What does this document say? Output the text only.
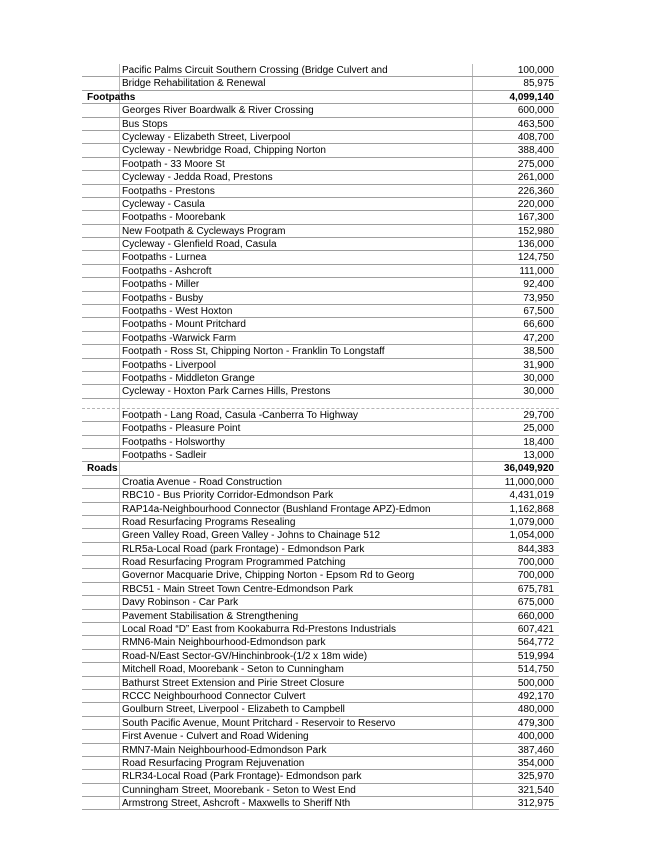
Pacific Palms Circuit Southern Crossing (Bridge Culvert and	100,000
Bridge Rehabilitation & Renewal	85,975
Footpaths	4,099,140
Georges River Boardwalk & River Crossing	600,000
Bus Stops	463,500
Cycleway - Elizabeth Street, Liverpool	408,700
Cycleway - Newbridge Road, Chipping Norton	388,400
Footpath - 33 Moore St	275,000
Cycleway - Jedda Road, Prestons	261,000
Footpaths - Prestons	226,360
Cycleway - Casula	220,000
Footpaths - Moorebank	167,300
New Footpath & Cycleways Program	152,980
Cycleway - Glenfield Road, Casula	136,000
Footpaths - Lurnea	124,750
Footpaths - Ashcroft	111,000
Footpaths - Miller	92,400
Footpaths - Busby	73,950
Footpaths - West Hoxton	67,500
Footpaths - Mount Pritchard	66,600
Footpaths -Warwick Farm	47,200
Footpath - Ross St, Chipping Norton - Franklin To Longstaff	38,500
Footpaths - Liverpool	31,900
Footpaths - Middleton Grange	30,000
Cycleway - Hoxton Park Carnes Hills, Prestons	30,000
Footpath - Lang Road, Casula -Canberra To Highway	29,700
Footpaths - Pleasure Point	25,000
Footpaths - Holsworthy	18,400
Footpaths - Sadleir	13,000
Roads	36,049,920
Croatia Avenue - Road Construction	11,000,000
RBC10 - Bus Priority Corridor-Edmondson Park	4,431,019
RAP14a-Neighbourhood Connector (Bushland Frontage APZ)-Edmon	1,162,868
Road Resurfacing Programs Resealing	1,079,000
Green Valley Road, Green Valley - Johns to Chainage 512	1,054,000
RLR5a-Local Road (park Frontage) - Edmondson Park	844,383
Road Resurfacing Program Programmed Patching	700,000
Governor Macquarie Drive, Chipping Norton - Epsom Rd to Georg	700,000
RBC51 - Main Street Town Centre-Edmondson Park	675,781
Davy Robinson - Car Park	675,000
Pavement Stabilisation & Strengthening	660,000
Local Road “D” East from Kookaburra Rd-Prestons Industrials	607,421
RMN6-Main Neighbourhood-Edmondson park	564,772
Road-N/East Sector-GV/Hinchinbrook-(1/2 x 18m wide)	519,994
Mitchell Road, Moorebank - Seton to Cunningham	514,750
Bathurst Street Extension and Pirie Street Closure	500,000
RCCC Neighbourhood Connector Culvert	492,170
Goulburn Street, Liverpool - Elizabeth to Campbell	480,000
South Pacific Avenue, Mount Pritchard - Reservoir to Reservo	479,300
First Avenue - Culvert and Road Widening	400,000
RMN7-Main Neighbourhood-Edmondson Park	387,460
Road Resurfacing Program Rejuvenation	354,000
RLR34-Local Road (Park Frontage)- Edmondson park	325,970
Cunningham Street, Moorebank - Seton to West End	321,540
Armstrong Street, Ashcroft - Maxwells to Sheriff Nth	312,975
